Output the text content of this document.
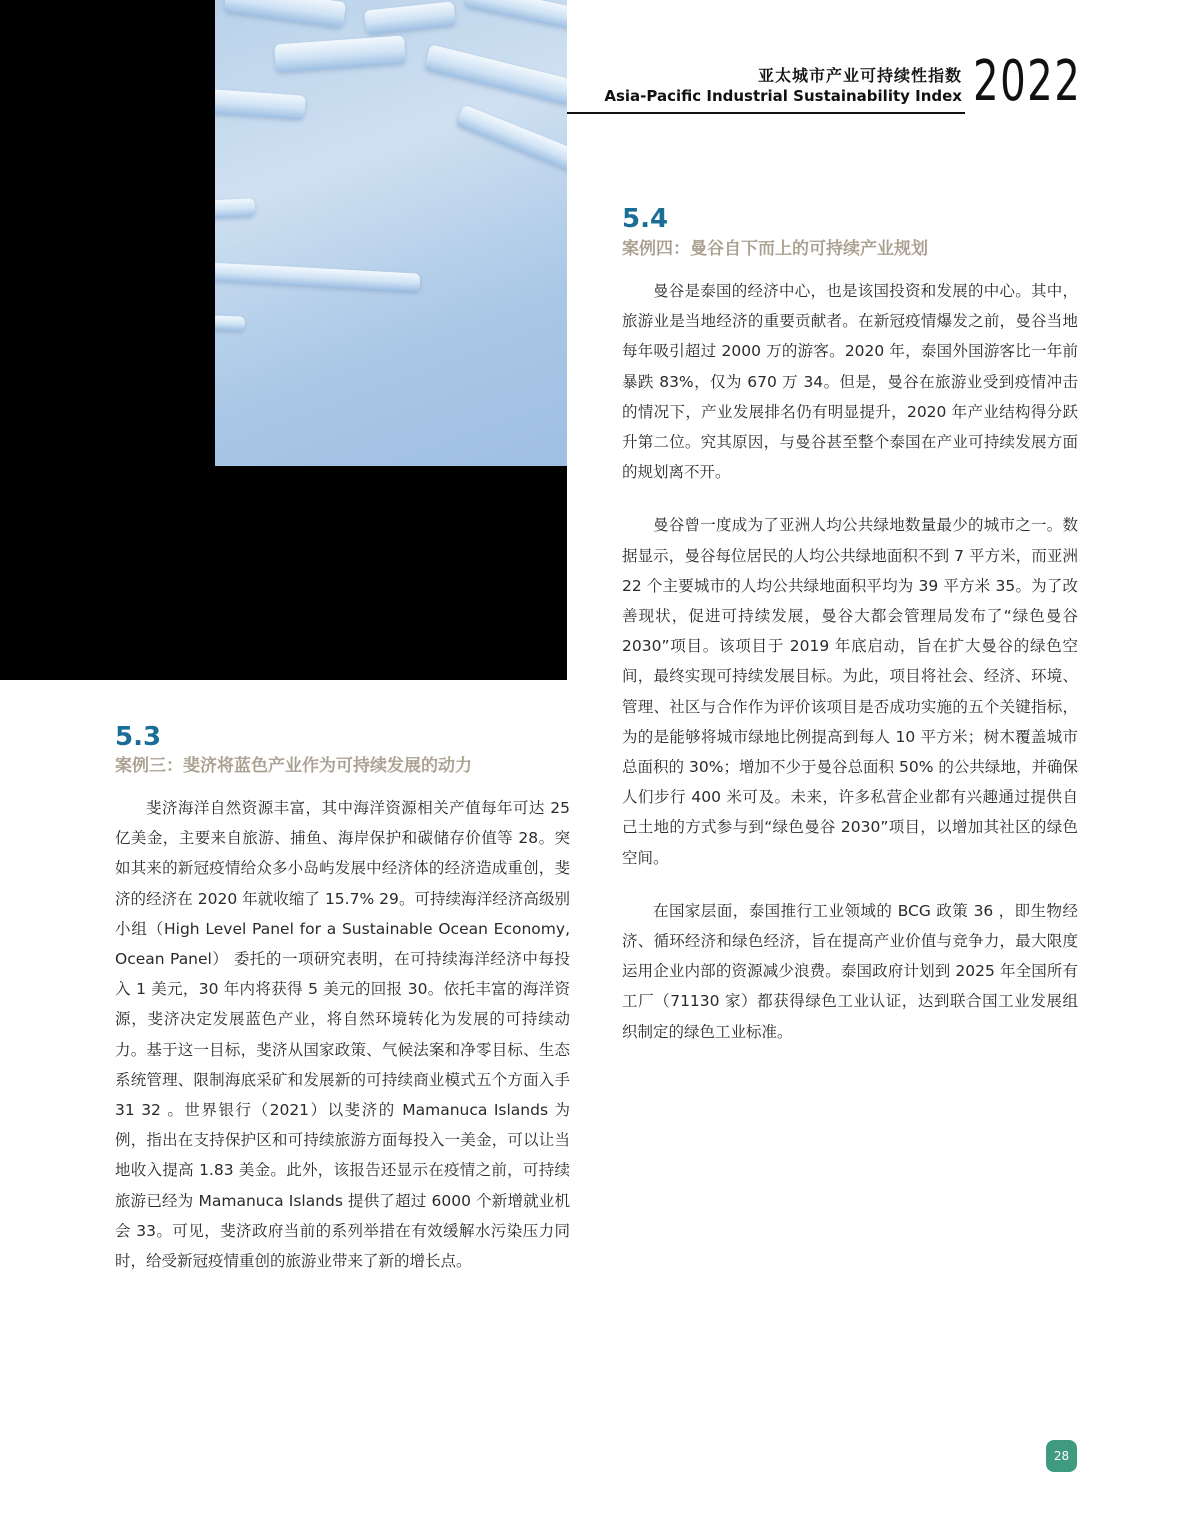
亚太城市产业可持续性指数
Asia-Pacific Industrial Sustainability Index 2022
5.4
案例四：曼谷自下而上的可持续产业规划

曼谷是泰国的经济中心，也是该国投资和发展的中心。其中，旅游业是当地经济的重要贡献者。在新冠疫情爆发之前，曼谷当地每年吸引超过 2000 万的游客。2020 年，泰国外国游客比一年前暴跌 83%，仅为 670 万 34。但是，曼谷在旅游业受到疫情冲击的情况下，产业发展排名仍有明显提升，2020 年产业结构得分跃升第二位。究其原因，与曼谷甚至整个泰国在产业可持续发展方面的规划离不开。

曼谷曾一度成为了亚洲人均公共绿地数量最少的城市之一。数据显示，曼谷每位居民的人均公共绿地面积不到 7 平方米，而亚洲 22 个主要城市的人均公共绿地面积平均为 39 平方米 35。为了改善现状，促进可持续发展，曼谷大都会管理局发布了“绿色曼谷 2030”项目。该项目于 2019 年底启动，旨在扩大曼谷的绿色空间，最终实现可持续发展目标。为此，项目将社会、经济、环境、管理、社区与合作作为评价该项目是否成功实施的五个关键指标，为的是能够将城市绿地比例提高到每人 10 平方米；树木覆盖城市总面积的 30%；增加不少于曼谷总面积 50% 的公共绿地，并确保人们步行 400 米可及。未来，许多私营企业都有兴趣通过提供自己土地的方式参与到“绿色曼谷 2030”项目，以增加其社区的绿色空间。

在国家层面，泰国推行工业领域的 BCG 政策 36 ，即生物经济、循环经济和绿色经济，旨在提高产业价值与竞争力，最大限度运用企业内部的资源减少浪费。泰国政府计划到 2025 年全国所有工厂（71130 家）都获得绿色工业认证，达到联合国工业发展组织制定的绿色工业标准。

5.3
案例三：斐济将蓝色产业作为可持续发展的动力

斐济海洋自然资源丰富，其中海洋资源相关产值每年可达 25 亿美金，主要来自旅游、捕鱼、海岸保护和碳储存价值等 28。突如其来的新冠疫情给众多小岛屿发展中经济体的经济造成重创，斐济的经济在 2020 年就收缩了 15.7% 29。可持续海洋经济高级别小组（High Level Panel for a Sustainable Ocean Economy, Ocean Panel） 委托的一项研究表明，在可持续海洋经济中每投入 1 美元，30 年内将获得 5 美元的回报 30。依托丰富的海洋资源，斐济决定发展蓝色产业，将自然环境转化为发展的可持续动力。基于这一目标，斐济从国家政策、气候法案和净零目标、生态系统管理、限制海底采矿和发展新的可持续商业模式五个方面入手 31 32 。世界银行（2021）以斐济的 Mamanuca Islands 为例，指出在支持保护区和可持续旅游方面每投入一美金，可以让当地收入提高 1.83 美金。此外，该报告还显示在疫情之前，可持续旅游已经为 Mamanuca Islands 提供了超过 6000 个新增就业机会 33。可见，斐济政府当前的系列举措在有效缓解水污染压力同时，给受新冠疫情重创的旅游业带来了新的增长点。

28
